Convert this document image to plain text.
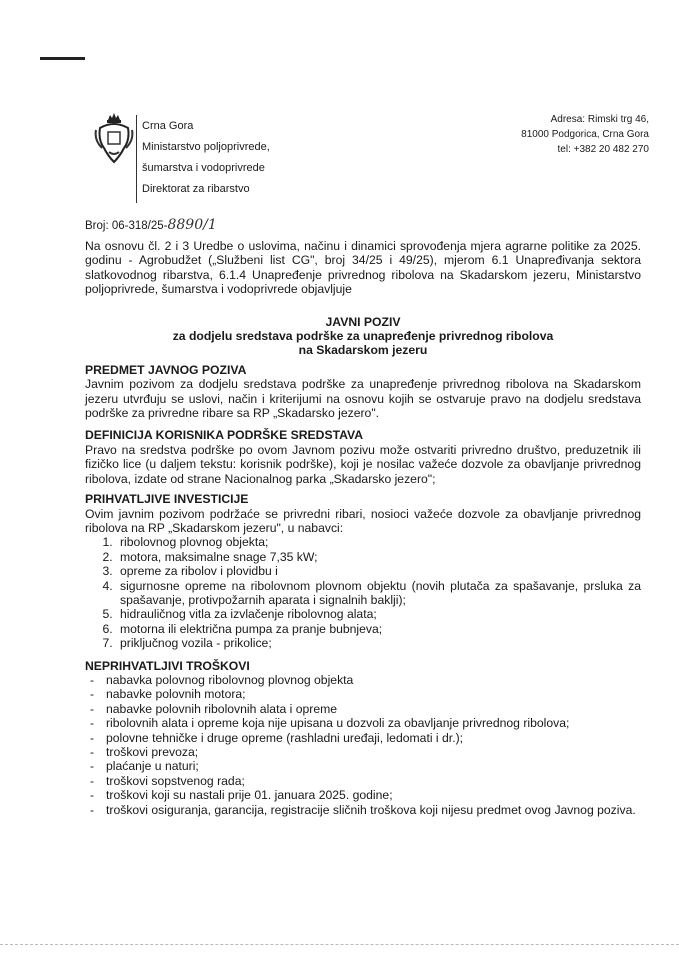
Crna Gora
Ministarstvo poljoprivrede,
šumarstva i vodoprivrede
Direktorat za ribarstvo
Adresa: Rimski trg 46,
81000 Podgorica, Crna Gora
tel: +382 20 482 270
Broj: 06-318/25-8890/1
Na osnovu čl. 2 i 3 Uredbe o uslovima, načinu i dinamici sprovođenja mjera agrarne politike za 2025. godinu - Agrobudžet („Službeni list CG", broj 34/25 i 49/25), mjerom 6.1 Unapređivanja sektora slatkovodnog ribarstva, 6.1.4 Unapređenje privrednog ribolova na Skadarskom jezeru, Ministarstvo poljoprivrede, šumarstva i vodoprivrede objavljuje
JAVNI POZIV
za dodjelu sredstava podrške za unapređenje privrednog ribolova
na Skadarskom jezeru
PREDMET JAVNOG POZIVA

Javnim pozivom za dodjelu sredstava podrške za unapređenje privrednog ribolova na Skadarskom jezeru utvrđuju se uslovi, način i kriterijumi na osnovu kojih se ostvaruje pravo na dodjelu sredstava podrške za privredne ribare sa RP „Skadarsko jezero".

DEFINICIJA KORISNIKA PODRŠKE SREDSTAVA

Pravo na sredstva podrške po ovom Javnom pozivu može ostvariti privredno društvo, preduzetnik ili fizičko lice (u daljem tekstu: korisnik podrške), koji je nosilac važeće dozvole za obavljanje privrednog ribolova, izdate od strane Nacionalnog parka „Skadarsko jezero";

PRIHVATLJIVE INVESTICIJE

Ovim javnim pozivom podržaće se privredni ribari, nosioci važeće dozvole za obavljanje privrednog ribolova na RP „Skadarskom jezeru", u nabavci:

1. ribolovnog plovnog objekta;
2. motora, maksimalne snage 7,35 kW;
3. opreme za ribolov i plovidbu i
4. sigurnosne opreme na ribolovnom plovnom objektu (novih plutača za spašavanje, prsluka za spašavanje, protivpožarnih aparata i signalnih baklji);
5. hidrauličnog vitla za izvlačenje ribolovnog alata;
6. motorna ili električna pumpa za pranje bubnjeva;
7. priključnog vozila - prikolice;
NEPRIHVATLJIVI TROŠKOVI
- nabavka polovnog ribolovnog plovnog objekta
- nabavke polovnih motora;
- nabavke polovnih ribolovnih alata i opreme
- ribolovnih alata i opreme koja nije upisana u dozvoli za obavljanje privrednog ribolova;
- polovne tehničke i druge opreme (rashladni uređaji, ledomati i dr.);
- troškovi prevoza;
- plaćanje u naturi;
- troškovi sopstvenog rada;
- troškovi koji su nastali prije 01. januara 2025. godine;
- troškovi osiguranja, garancija, registracije sličnih troškova koji nijesu predmet ovog Javnog poziva.
